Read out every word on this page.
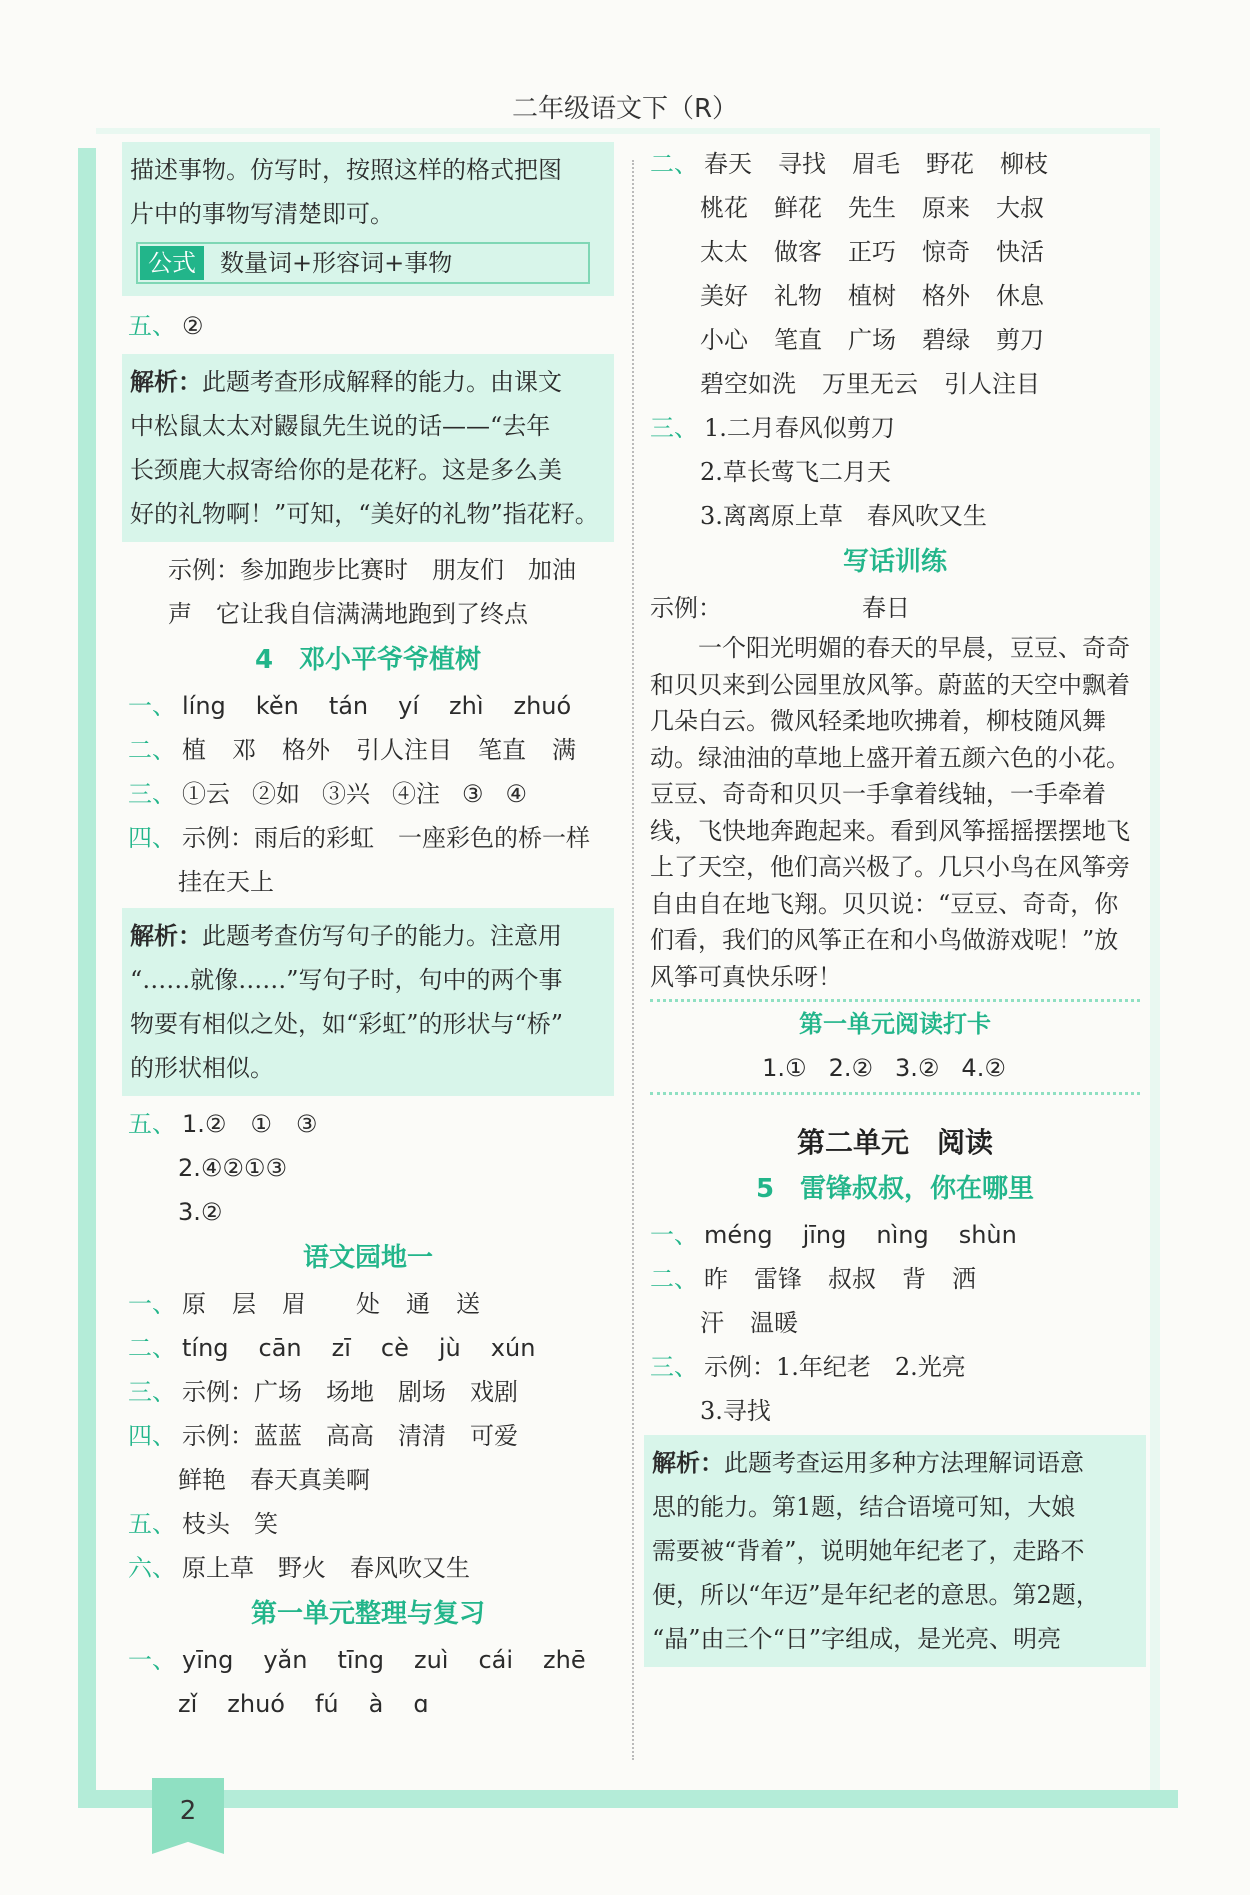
二年级语文下（R）
2
描述事物。仿写时，按照这样的格式把图
片中的事物写清楚即可。
公式 数量词+形容词+事物
五、 ②
解析：此题考查形成解释的能力。由课文
中松鼠太太对鼹鼠先生说的话——“去年
长颈鹿大叔寄给你的是花籽。这是多么美
好的礼物啊！”可知，“美好的礼物”指花籽。
示例：参加跑步比赛时　朋友们　加油
声　它让我自信满满地跑到了终点
4　邓小平爷爷植树
一、 líng kěn tán yí zhì zhuó
二、 植 邓 格外 引人注目 笔直 满
三、 ①云 ②如 ③兴 ④注 ③ ④
四、 示例：雨后的彩虹　一座彩色的桥一样
挂在天上
解析：此题考查仿写句子的能力。注意用
“……就像……”写句子时，句中的两个事
物要有相似之处，如“彩虹”的形状与“桥”
的形状相似。
五、 1.②　①　③
2.④②①③
3.②
语文园地一
一、 原 层 眉 处 通 送
二、 tíng cān zī cè jù xún
三、 示例：广场　场地　剧场　戏剧
四、 示例：蓝蓝　高高　清清　可爱
鲜艳　春天真美啊
五、 枝头　笑
六、 原上草　野火　春风吹又生
第一单元整理与复习
一、 yīng yǎn tīng zuì cái zhē
zǐ zhuó fú à ɑ
二、 春天 寻找 眉毛 野花 柳枝
桃花 鲜花 先生 原来 大叔
太太 做客 正巧 惊奇 快活
美好 礼物 植树 格外 休息
小心 笔直 广场 碧绿 剪刀
碧空如洗 万里无云 引人注目
三、 1.二月春风似剪刀
2.草长莺飞二月天
3.离离原上草　春风吹又生
写话训练
示例：	春日
一个阳光明媚的春天的早晨，豆豆、奇奇和贝贝来到公园里放风筝。蔚蓝的天空中飘着几朵白云。微风轻柔地吹拂着，柳枝随风舞动。绿油油的草地上盛开着五颜六色的小花。豆豆、奇奇和贝贝一手拿着线轴，一手牵着线，飞快地奔跑起来。看到风筝摇摇摆摆地飞上了天空，他们高兴极了。几只小鸟在风筝旁自由自在地飞翔。贝贝说：“豆豆、奇奇，你们看，我们的风筝正在和小鸟做游戏呢！”放风筝可真快乐呀！
第一单元阅读打卡
1.① 2.② 3.② 4.②
第二单元　阅读
5　雷锋叔叔，你在哪里
一、 méng jīng nìng shùn
二、 昨 雷锋 叔叔 背 洒
汗 温暖
三、 示例：1.年纪老　2.光亮
3.寻找
解析：此题考查运用多种方法理解词语意
思的能力。第1题，结合语境可知，大娘
需要被“背着”，说明她年纪老了，走路不
便，所以“年迈”是年纪老的意思。第2题，
“晶”由三个“日”字组成，是光亮、明亮
